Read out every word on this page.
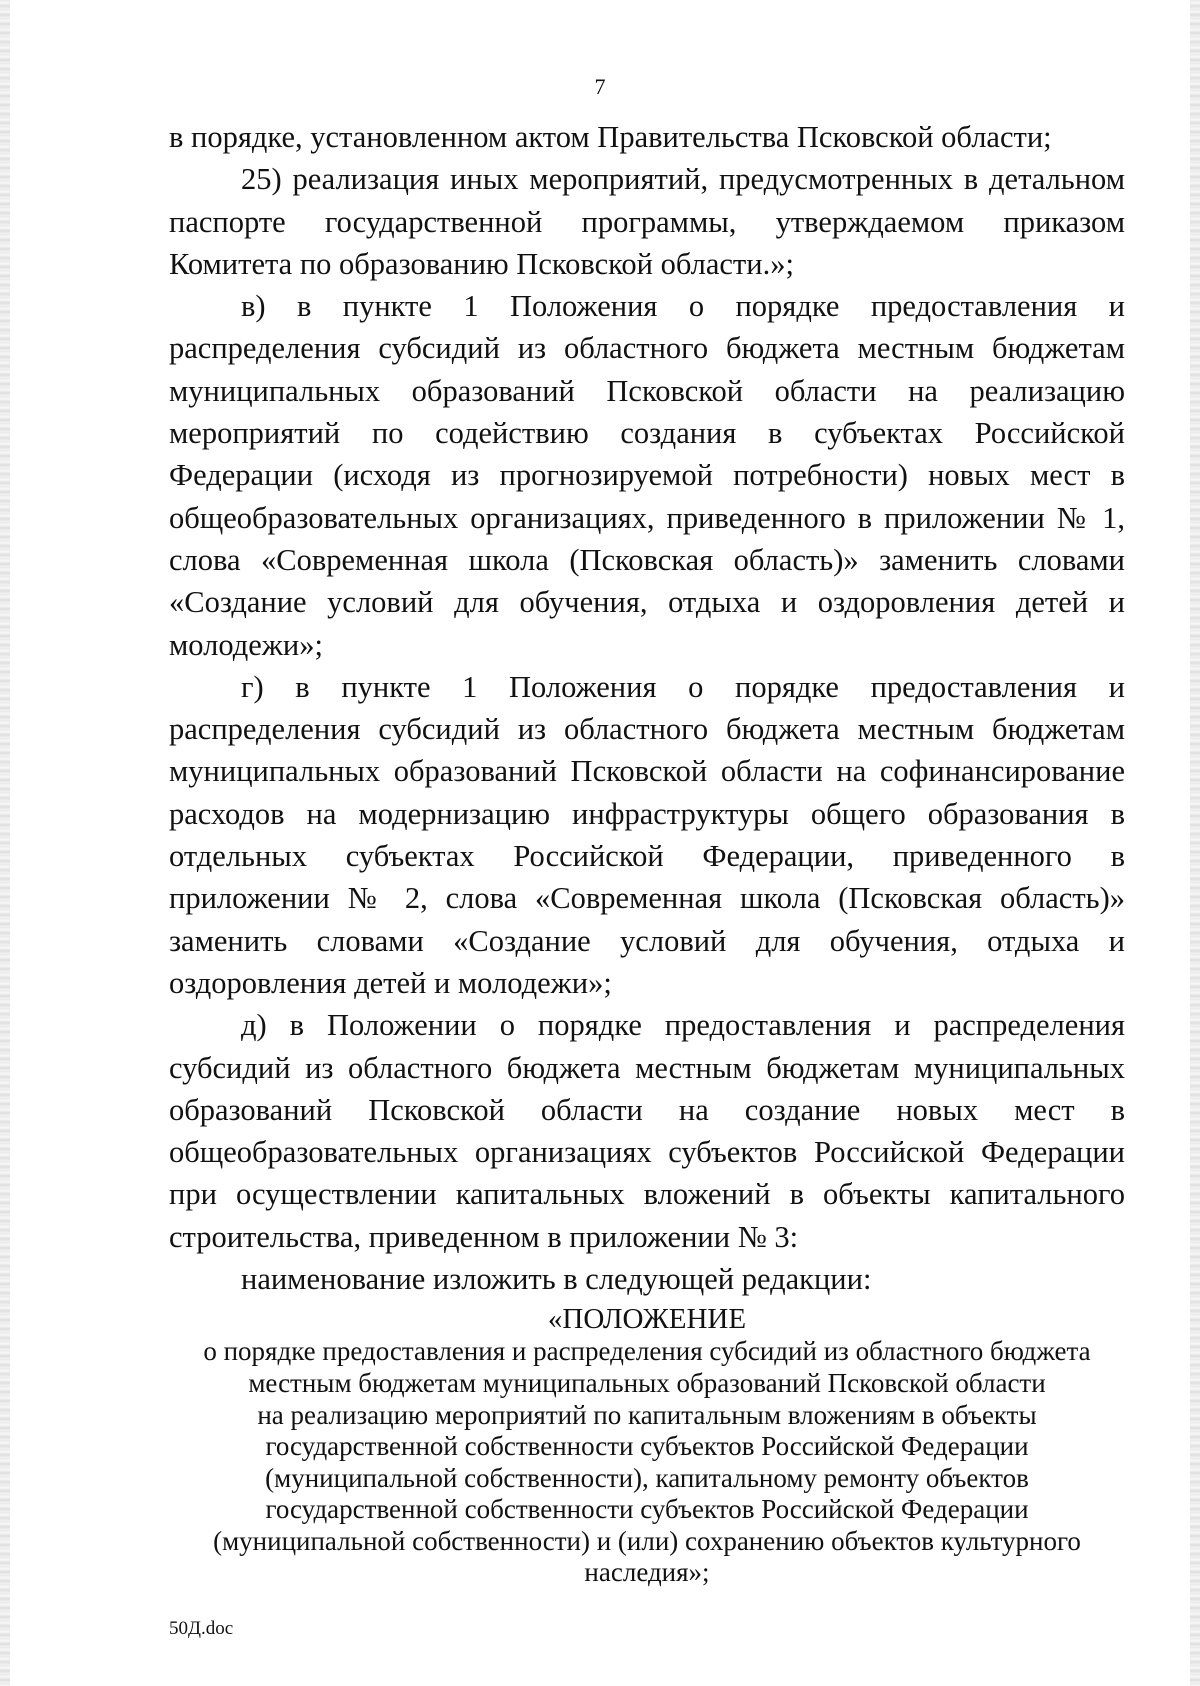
7

в порядке, установленном актом Правительства Псковской области;

25) реализация иных мероприятий, предусмотренных в детальном паспорте государственной программы, утверждаемом приказом Комитета по образованию Псковской области.»;

в) в пункте 1 Положения о порядке предоставления и распределения субсидий из областного бюджета местным бюджетам муниципальных образований Псковской области на реализацию мероприятий по содействию создания в субъектах Российской Федерации (исходя из прогнозируемой потребности) новых мест в общеобразовательных организациях, приведенного в приложении № 1, слова «Современная школа (Псковская область)» заменить словами «Создание условий для обучения, отдыха и оздоровления детей и молодежи»;

г) в пункте 1 Положения о порядке предоставления и распределения субсидий из областного бюджета местным бюджетам муниципальных образований Псковской области на софинансирование расходов на модернизацию инфраструктуры общего образования в отдельных субъектах Российской Федерации, приведенного в приложении № 2, слова «Современная школа (Псковская область)» заменить словами «Создание условий для обучения, отдыха и оздоровления детей и молодежи»;

д) в Положении о порядке предоставления и распределения субсидий из областного бюджета местным бюджетам муниципальных образований Псковской области на создание новых мест в общеобразовательных организациях субъектов Российской Федерации при осуществлении капитальных вложений в объекты капитального строительства, приведенном в приложении № 3:

наименование изложить в следующей редакции:

«ПОЛОЖЕНИЕ

о порядке предоставления и распределения субсидий из областного бюджета

местным бюджетам муниципальных образований Псковской области

на реализацию мероприятий по капитальным вложениям в объекты

государственной собственности субъектов Российской Федерации

(муниципальной собственности), капитальному ремонту объектов

государственной собственности субъектов Российской Федерации

(муниципальной собственности) и (или) сохранению объектов культурного

наследия»;

50Д.doc
